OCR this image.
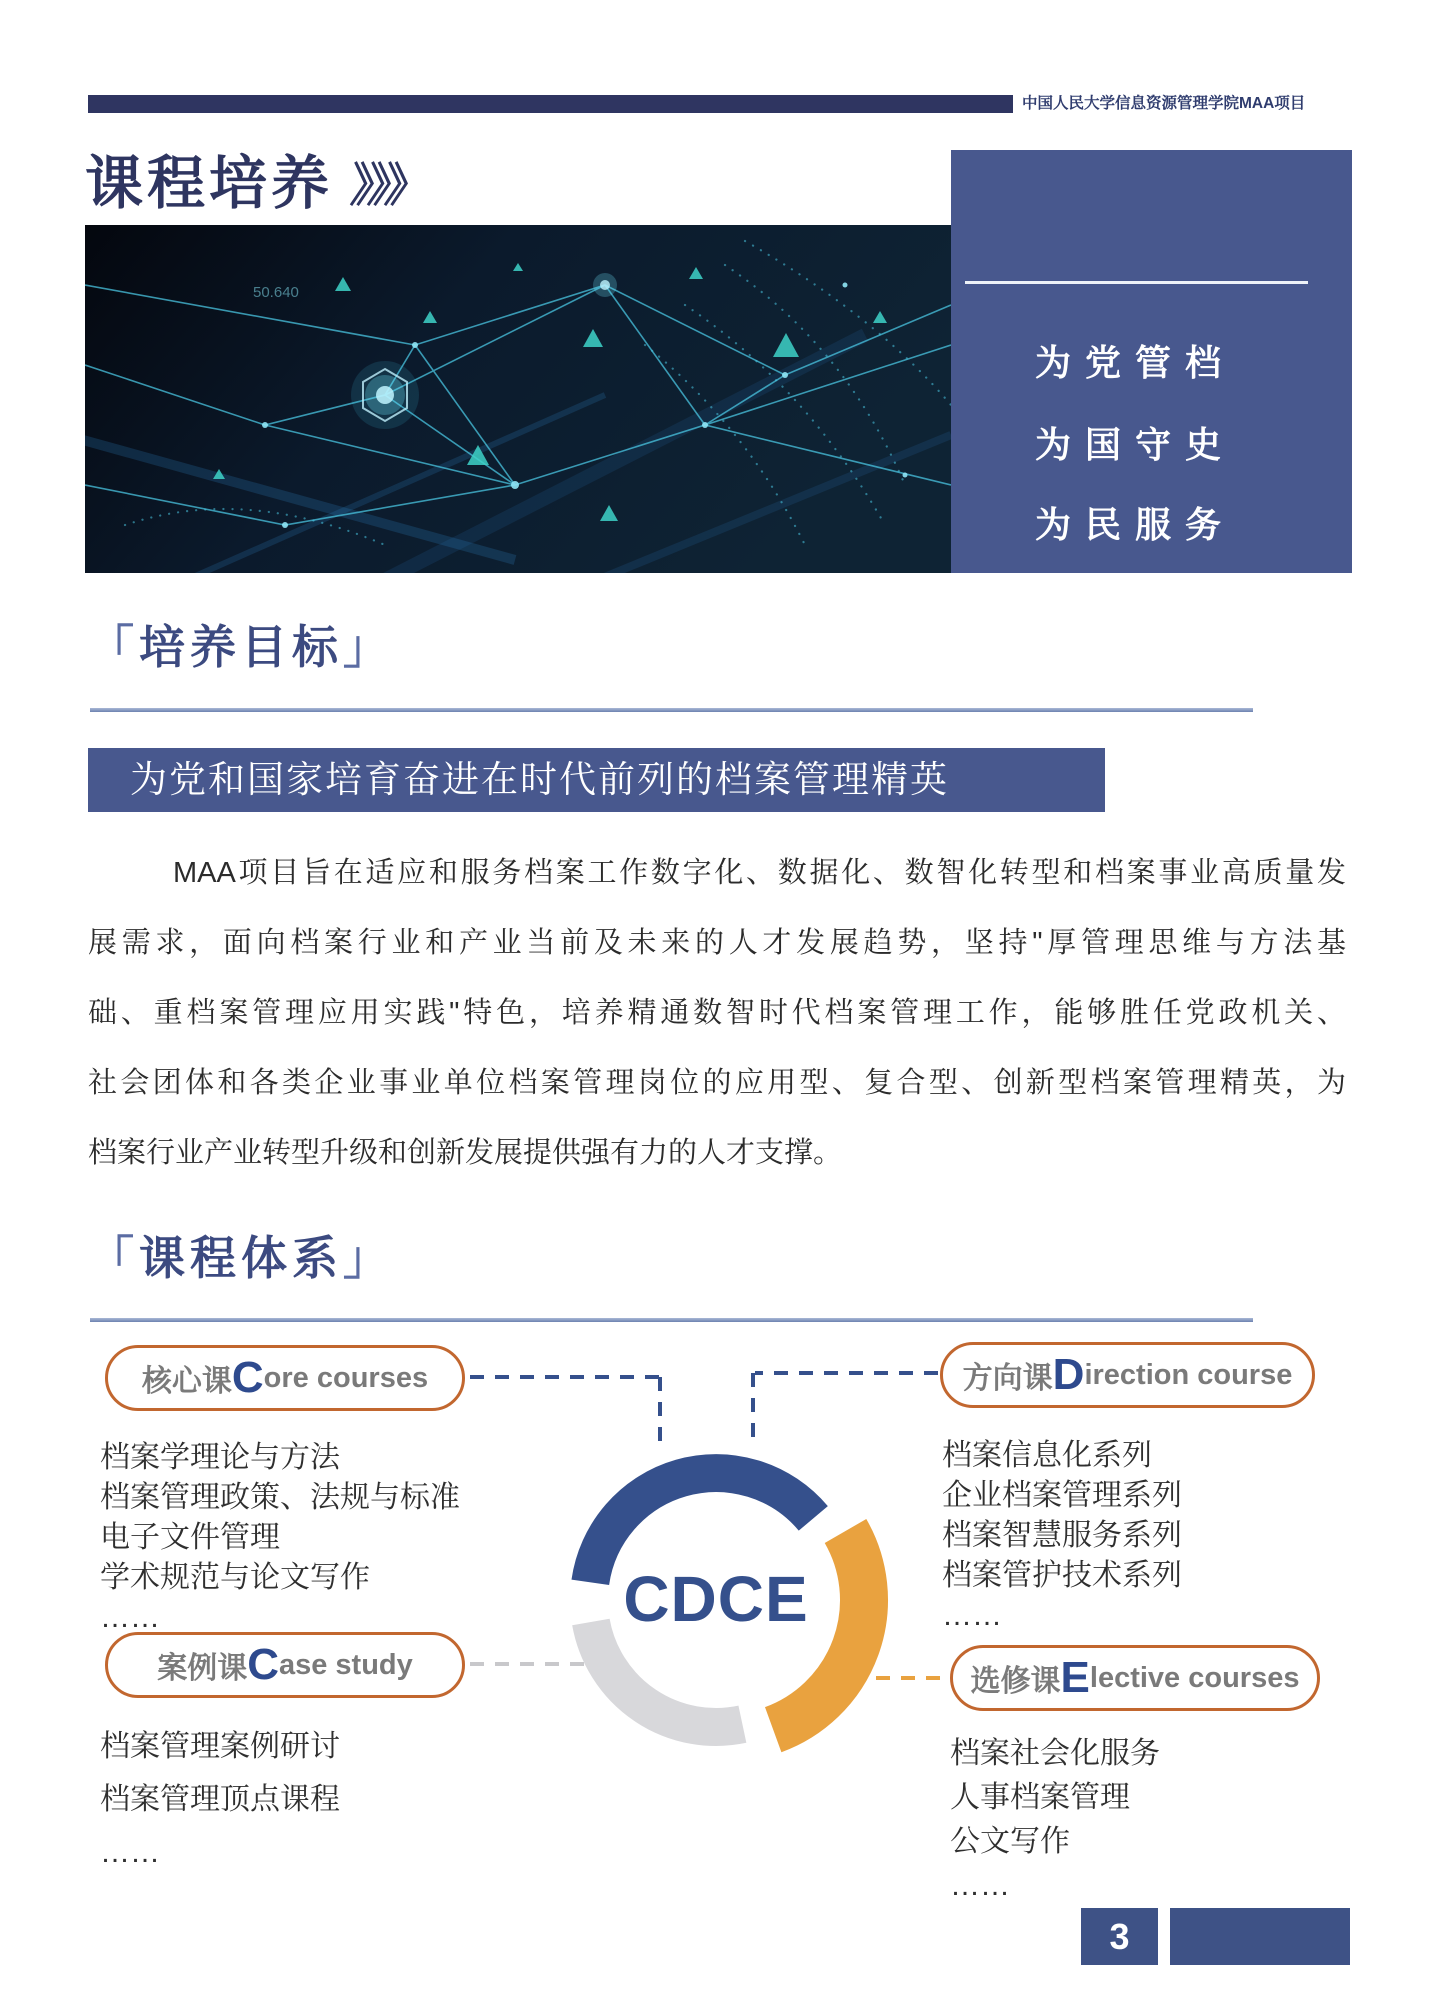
中国人民大学信息资源管理学院MAA项目
课程培养 》》》
50.640
为党管档
为国守史
为民服务
「培养目标」
为党和国家培育奋进在时代前列的档案管理精英
MAA项目旨在适应和服务档案工作数字化、数据化、数智化转型和档案事业高质量发
展需求，面向档案行业和产业当前及未来的人才发展趋势，坚持"厚管理思维与方法基
础、重档案管理应用实践"特色，培养精通数智时代档案管理工作，能够胜任党政机关、
社会团体和各类企业事业单位档案管理岗位的应用型、复合型、创新型档案管理精英，为
档案行业产业转型升级和创新发展提供强有力的人才支撑。
「课程体系」
CDCE
核心课 C ore courses	方向课 D irection course
案例课 C ase study
选修课 E lective courses
档案学理论与方法
档案管理政策、法规与标准
电子文件管理
学术规范与论文写作
……
档案信息化系列
企业档案管理系列
档案智慧服务系列
档案管护技术系列
……
档案管理案例研讨
档案管理顶点课程
……
档案社会化服务
人事档案管理
公文写作
……
3
